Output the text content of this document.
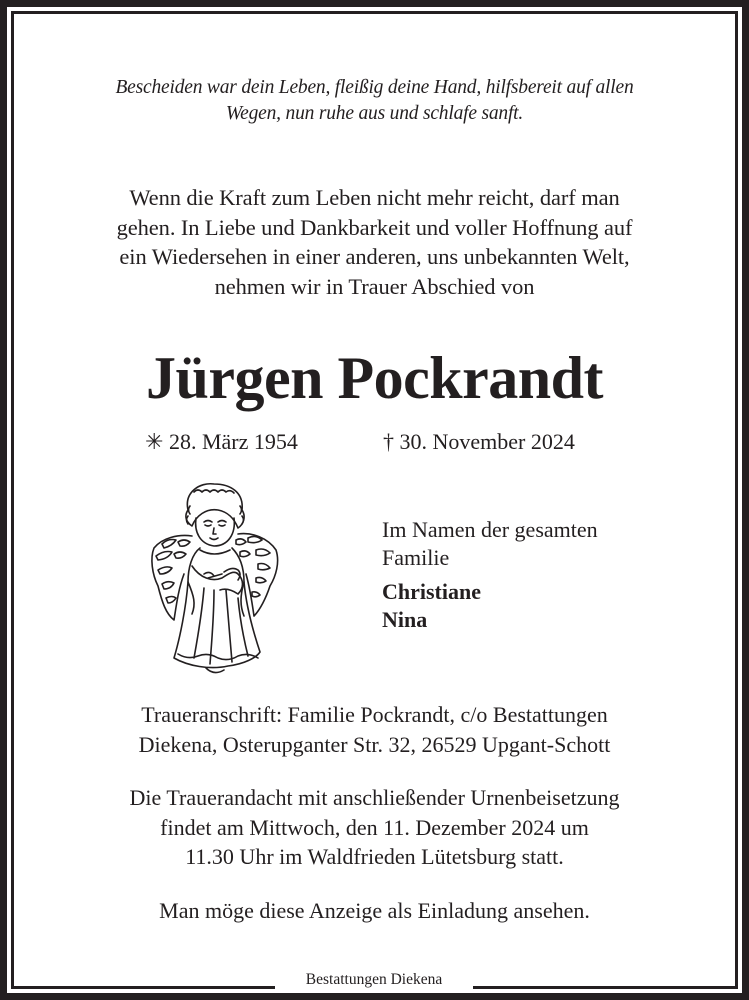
Bescheiden war dein Leben, fleißig deine Hand, hilfsbereit auf allen
Wegen, nun ruhe aus und schlafe sanft.
Wenn die Kraft zum Leben nicht mehr reicht, darf man
gehen. In Liebe und Dankbarkeit und voller Hoffnung auf
ein Wiedersehen in einer anderen, uns unbekannten Welt,
nehmen wir in Trauer Abschied von
Jürgen Pockrandt
✳ 28. März 1954	† 30. November 2024
Im Namen der gesamten
Familie
Christiane
Nina
Traueranschrift: Familie Pockrandt, c/o Bestattungen
Diekena, Osterupganter Str. 32, 26529 Upgant-Schott
Die Trauerandacht mit anschließender Urnenbeisetzung
findet am Mittwoch, den 11. Dezember 2024 um
11.30 Uhr im Waldfrieden Lütetsburg statt.
Man möge diese Anzeige als Einladung ansehen.
Bestattungen Diekena
